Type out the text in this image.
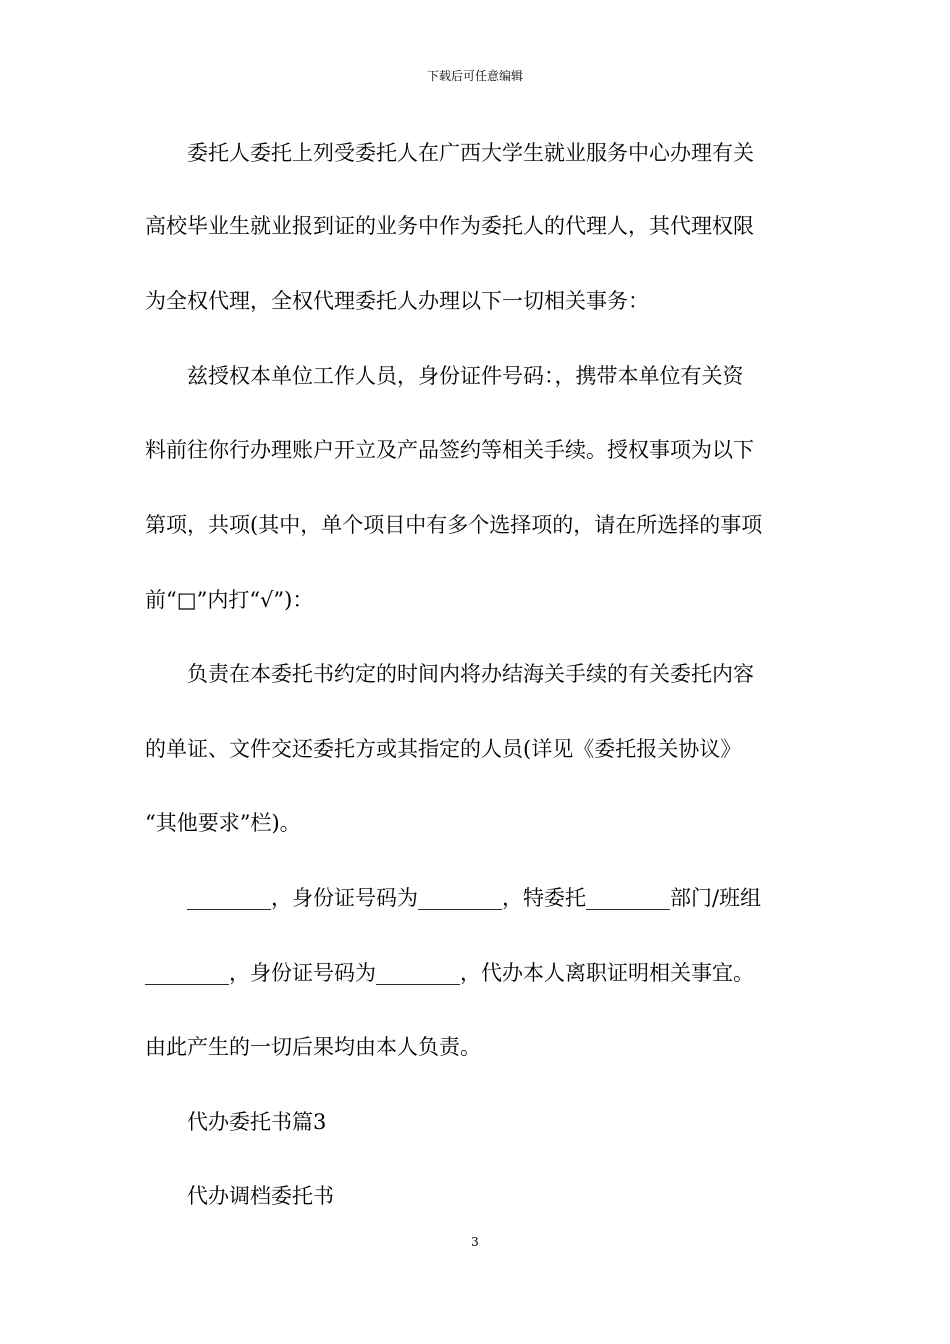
下载后可任意编辑
　　委托人委托上列受委托人在广西大学生就业服务中心办理有关
高校毕业生就业报到证的业务中作为委托人的代理人，其代理权限
为全权代理，全权代理委托人办理以下一切相关事务：
　　兹授权本单位工作人员，身份证件号码：，携带本单位有关资
料前往你行办理账户开立及产品签约等相关手续。授权事项为以下
第项，共项(其中，单个项目中有多个选择项的，请在所选择的事项
前“□”内打“√”)：
　　负责在本委托书约定的时间内将办结海关手续的有关委托内容
的单证、文件交还委托方或其指定的人员(详见《委托报关协议》
“其他要求”栏)。
　　________，身份证号码为________，特委托________部门/班组
________，身份证号码为________，代办本人离职证明相关事宜。
由此产生的一切后果均由本人负责。
　　代办委托书篇3
　　代办调档委托书
3
